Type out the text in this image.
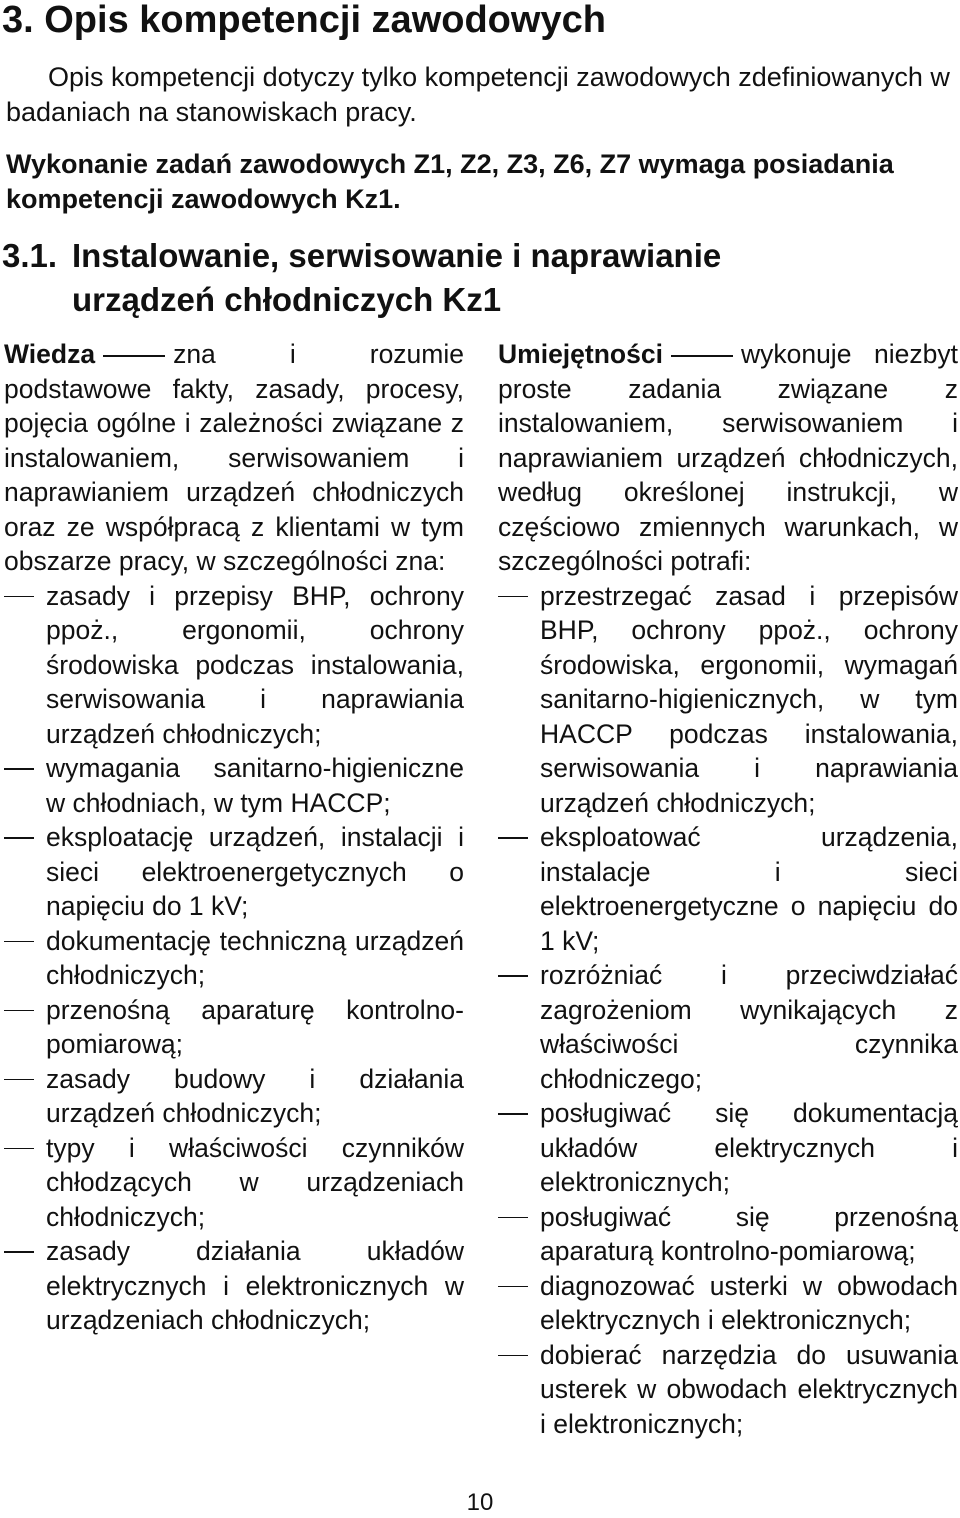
3. Opis kompetencji zawodowych

Opis kompetencji dotyczy tylko kompetencji zawodowych zdefiniowanych w badaniach na stanowiskach pracy.

Wykonanie zadań zawodowych Z1, Z2, Z3, Z6, Z7 wymaga posiadania kompetencji zawodowych Kz1.

3.1. Instalowanie, serwisowanie i naprawianie
urządzeń chłodniczych Kz1

Wiedza	zna i rozumie podstawowe fakty, zasady, procesy, pojęcia ogólne i zależności związane z instalowaniem, serwisowaniem i naprawianiem urządzeń chłodniczych oraz ze współpracą z klientami w tym obszarze pracy, w szczególności zna:

zasady i przepisy BHP, ochrony ppoż., ergonomii, ochrony środowiska podczas instalowania, serwisowania i naprawiania urządzeń chłodniczych;
wymagania sanitarno-higieniczne w chłodniach, w tym HACCP;
eksploatację urządzeń, instalacji i sieci elektroenergetycznych o napięciu do 1 kV;
dokumentację techniczną urządzeń chłodniczych;
przenośną aparaturę kontrolno-pomiarową;
zasady budowy i działania urządzeń chłodniczych;
typy i właściwości czynników chłodzących w urządzeniach chłodniczych;
zasady działania układów elektrycznych i elektronicznych w urządzeniach chłodniczych;

Umiejętności	wykonuje niezbyt proste zadania związane z instalowaniem, serwisowaniem i naprawianiem urządzeń chłodniczych, według określonej instrukcji, w częściowo zmiennych warunkach, w szczególności potrafi:

przestrzegać zasad i przepisów BHP, ochrony ppoż., ochrony środowiska, ergonomii, wymagań sanitarno-higienicznych, w tym HACCP podczas instalowania, serwisowania i naprawiania urządzeń chłodniczych;
eksploatować urządzenia, instalacje i sieci elektroenergetyczne o napięciu do 1 kV;
rozróżniać i przeciwdziałać zagrożeniom wynikających z właściwości czynnika chłodniczego;
posługiwać się dokumentacją układów elektrycznych i elektronicznych;
posługiwać się przenośną aparaturą kontrolno-pomiarową;
diagnozować usterki w obwodach elektrycznych i elektronicznych;
dobierać narzędzia do usuwania usterek w obwodach elektrycznych i elektronicznych;
10
